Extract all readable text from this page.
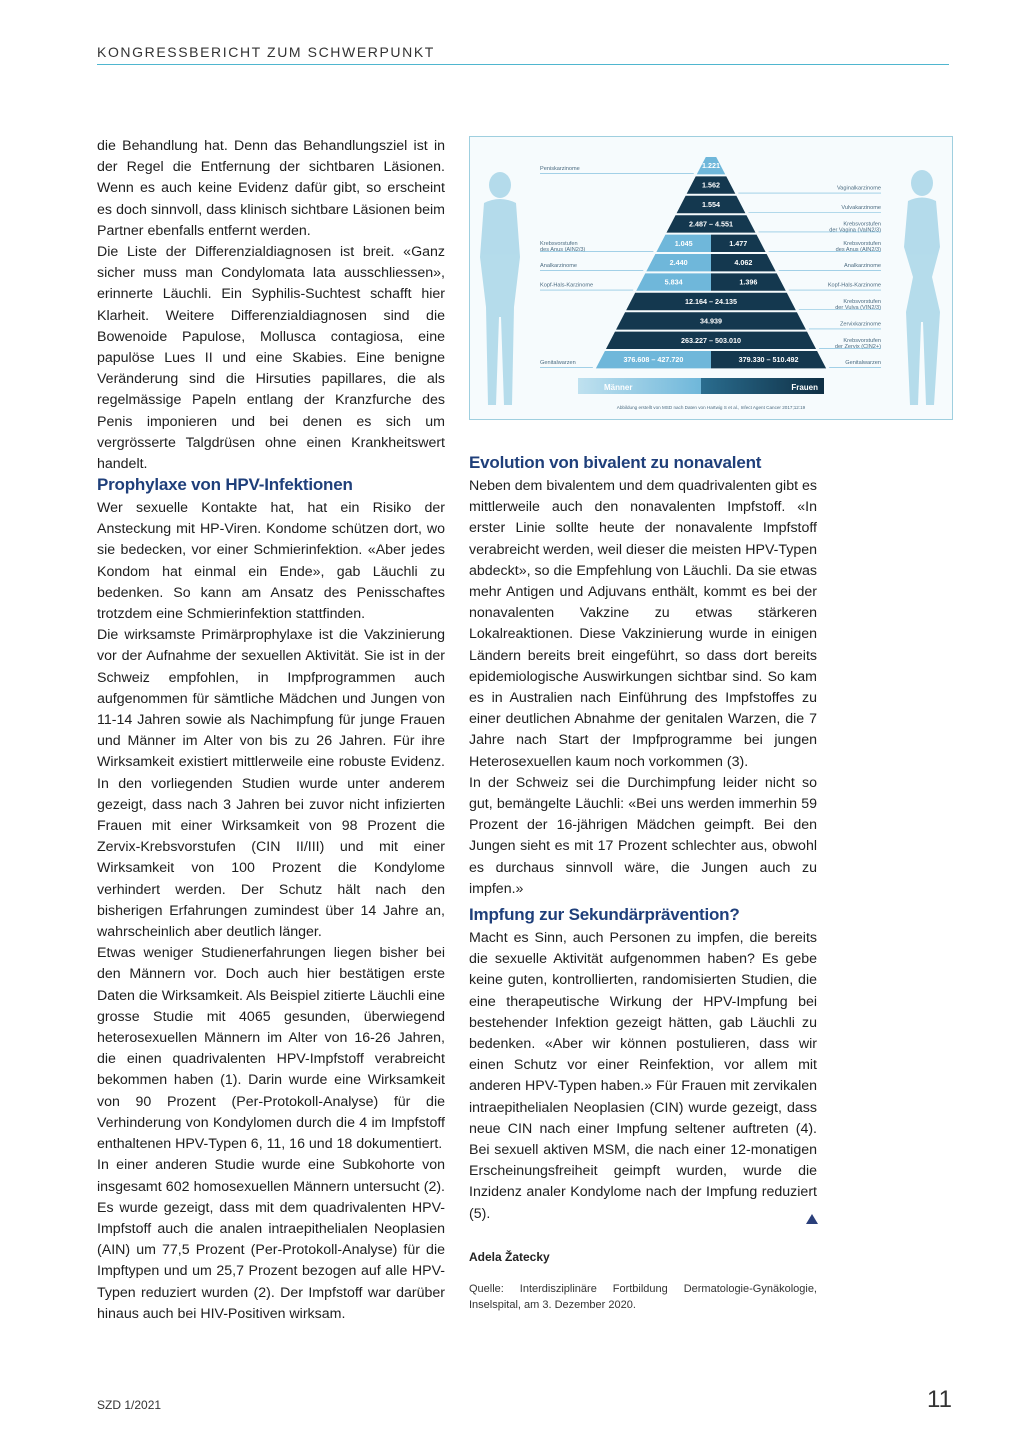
KONGRESSBERICHT ZUM SCHWERPUNKT

die Behandlung hat. Denn das Behandlungsziel ist in der Regel die Entfernung der sichtbaren Läsionen. Wenn es auch keine Evidenz dafür gibt, so erscheint es doch sinnvoll, dass klinisch sichtbare Läsionen beim Partner ebenfalls entfernt werden.

Die Liste der Differenzialdiagnosen ist breit. «Ganz sicher muss man Condylomata lata ausschliessen», erinnerte Läuchli. Ein Syphilis-Suchtest schafft hier Klarheit. Weitere Differenzialdiagnosen sind die Bowenoide Papulose, Mollusca contagiosa, eine papulöse Lues II und eine Skabies. Eine benigne Veränderung sind die Hirsuties papillares, die als regelmässige Papeln entlang der Kranzfurche des Penis imponieren und bei denen es sich um vergrösserte Talgdrüsen ohne einen Krankheitswert handelt.

Prophylaxe von HPV-Infektionen

Wer sexuelle Kontakte hat, hat ein Risiko der Ansteckung mit HP-Viren. Kondome schützen dort, wo sie bedecken, vor einer Schmierinfektion. «Aber jedes Kondom hat einmal ein Ende», gab Läuchli zu bedenken. So kann am Ansatz des Penisschaftes trotzdem eine Schmierinfektion stattfinden.

Die wirksamste Primärprophylaxe ist die Vakzinierung vor der Aufnahme der sexuellen Aktivität. Sie ist in der Schweiz empfohlen, in Impfprogrammen auch aufgenommen für sämtliche Mädchen und Jungen von 11-14 Jahren sowie als Nachimpfung für junge Frauen und Männer im Alter von bis zu 26 Jahren. Für ihre Wirksamkeit existiert mittlerweile eine robuste Evidenz. In den vorliegenden Studien wurde unter anderem gezeigt, dass nach 3 Jahren bei zuvor nicht infizierten Frauen mit einer Wirksamkeit von 98 Prozent die Zervix-Krebsvorstufen (CIN II/III) und mit einer Wirksamkeit von 100 Prozent die Kondylome verhindert werden. Der Schutz hält nach den bisherigen Erfahrungen zumindest über 14 Jahre an, wahrscheinlich aber deutlich länger.

Etwas weniger Studienerfahrungen liegen bisher bei den Männern vor. Doch auch hier bestätigen erste Daten die Wirksamkeit. Als Beispiel zitierte Läuchli eine grosse Studie mit 4065 gesunden, überwiegend heterosexuellen Männern im Alter von 16-26 Jahren, die einen quadrivalenten HPV-Impfstoff verabreicht bekommen haben (1). Darin wurde eine Wirksamkeit von 90 Prozent (Per-Protokoll-Analyse) für die Verhinderung von Kondylomen durch die 4 im Impfstoff enthaltenen HPV-Typen 6, 11, 16 und 18 dokumentiert.

In einer anderen Studie wurde eine Subkohorte von insgesamt 602 homosexuellen Männern untersucht (2). Es wurde gezeigt, dass mit dem quadrivalenten HPV-Impfstoff auch die analen intraepithelialen Neoplasien (AIN) um 77,5 Prozent (Per-Protokoll-Analyse) für die Impftypen und um 25,7 Prozent bezogen auf alle HPV-Typen reduziert wurden (2). Der Impfstoff war darüber hinaus auch bei HIV-Positiven wirksam.

1.221
1.562
1.554
2.487 – 4.551
1.045	1.477
2.440	4.062
5.834	1.396
12.164 – 24.135
34.939
263.227 – 503.010
376.608 – 427.720	379.330 – 510.492
Peniskarzinome
Vaginalkarzinome
Vulvakarzinome
Krebsvorstufen der Vagina (VaIN2/3)
Krebsvorstufen des Anus (AIN2/3)
Krebsvorstufen des Anus (AIN2/3)
Analkarzinome	Analkarzinome
Kopf-Hals-Karzinome	Kopf-Hals-Karzinome
Krebsvorstufen der Vulva (VIN2/3)
Zervixkarzinome
Krebsvorstufen der Zervix (CIN2+)
Genitalwarzen	Genitalwarzen
Männer	Frauen
Abbildung erstellt von MSD nach Daten von Hartwig S et al., Infect Agent Cancer 2017;12:19
Evolution von bivalent zu nonavalent

Neben dem bivalentem und dem quadrivalenten gibt es mittlerweile auch den nonavalenten Impfstoff. «In erster Linie sollte heute der nonavalente Impfstoff verabreicht werden, weil dieser die meisten HPV-Typen abdeckt», so die Empfehlung von Läuchli. Da sie etwas mehr Antigen und Adjuvans enthält, kommt es bei der nonavalenten Vakzine zu etwas stärkeren Lokalreaktionen. Diese Vakzinierung wurde in einigen Ländern bereits breit eingeführt, so dass dort bereits epidemiologische Auswirkungen sichtbar sind. So kam es in Australien nach Einführung des Impfstoffes zu einer deutlichen Abnahme der genitalen Warzen, die 7 Jahre nach Start der Impfprogramme bei jungen Heterosexuellen kaum noch vorkommen (3).

In der Schweiz sei die Durchimpfung leider nicht so gut, bemängelte Läuchli: «Bei uns werden immerhin 59 Prozent der 16-jährigen Mädchen geimpft. Bei den Jungen sieht es mit 17 Prozent schlechter aus, obwohl es durchaus sinnvoll wäre, die Jungen auch zu impfen.»

Impfung zur Sekundärprävention?

Macht es Sinn, auch Personen zu impfen, die bereits die sexuelle Aktivität aufgenommen haben? Es gebe keine guten, kontrollierten, randomisierten Studien, die eine therapeutische Wirkung der HPV-Impfung bei bestehender Infektion gezeigt hätten, gab Läuchli zu bedenken. «Aber wir können postulieren, dass wir einen Schutz vor einer Reinfektion, vor allem mit anderen HPV-Typen haben.» Für Frauen mit zervikalen intraepithelialen Neoplasien (CIN) wurde gezeigt, dass neue CIN nach einer Impfung seltener auftreten (4). Bei sexuell aktiven MSM, die nach einer 12-monatigen Erscheinungsfreiheit geimpft wurden, wurde die Inzidenz analer Kondylome nach der Impfung reduziert (5).

Adela Žatecky
Quelle: Interdisziplinäre Fortbildung Dermatologie-Gynäkologie, Inselspital, am 3. Dezember 2020.
SZD 1/2021	11
